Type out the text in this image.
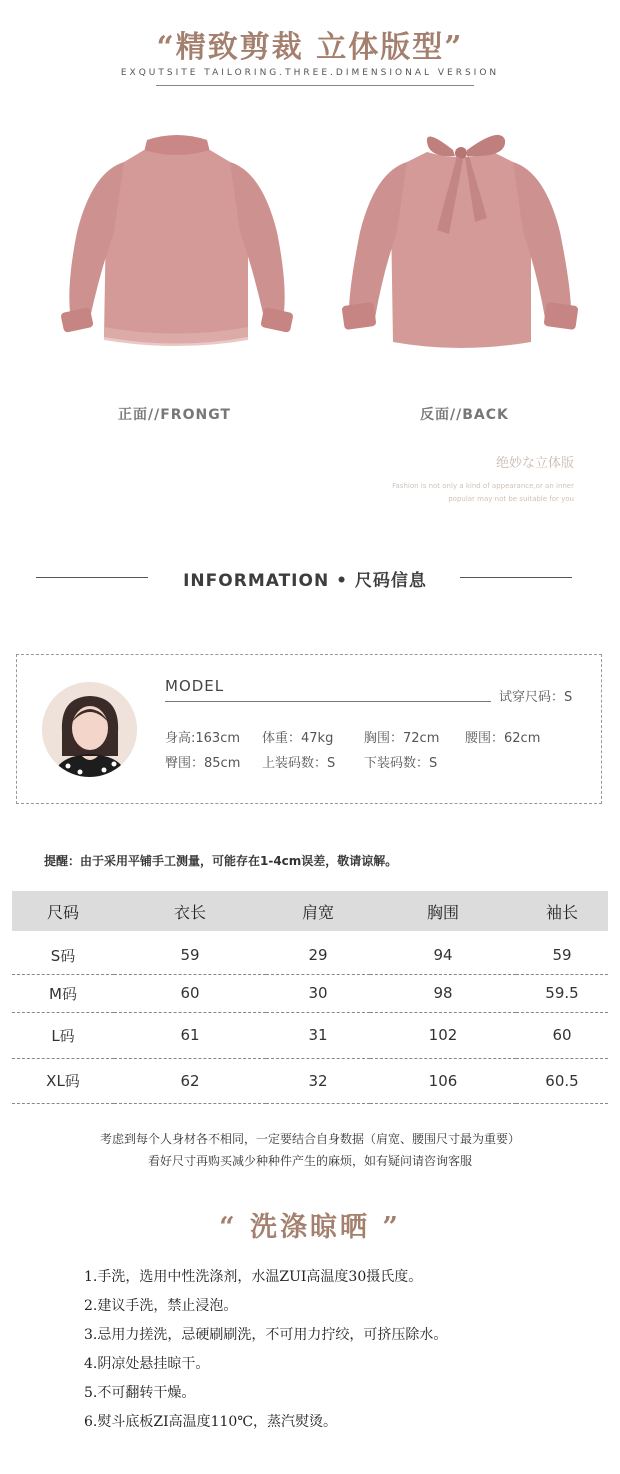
“精致剪裁 立体版型”
EXQUTSITE TAILORING.THREE.DIMENSIONAL VERSION
正面//FRONGT	反面//BACK
绝妙な立体版
Fashion is not only a kind of appearance,or an inner
popular may not be suitable for you
INFORMATION • 尺码信息
MODEL
试穿尺码：S
身高:163cm 体重：47kg 胸围：72cm 腰围：62cm
臀围：85cm 上装码数：S 下装码数：S
提醒：由于采用平铺手工测量，可能存在1-4cm误差，敬请谅解。
尺码	衣长	肩宽	胸围	袖长
S码	59	29	94	59
M码	60	30	98	59.5
L码	61	31	102	60
XL码	62	32	106	60.5
考虑到每个人身材各不相同，一定要结合自身数据（肩宽、腰围尺寸最为重要）
看好尺寸再购买减少种种件产生的麻烦，如有疑问请咨询客服
“ 洗涤晾晒 ”
1.手洗，选用中性洗涤剂，水温ZUI高温度30摄氏度。
2.建议手洗，禁止浸泡。
3.忌用力搓洗，忌硬刷刷洗，不可用力拧绞，可挤压除水。
4.阴凉处悬挂晾干。
5.不可翻转干燥。
6.熨斗底板ZI高温度110℃，蒸汽熨烫。
